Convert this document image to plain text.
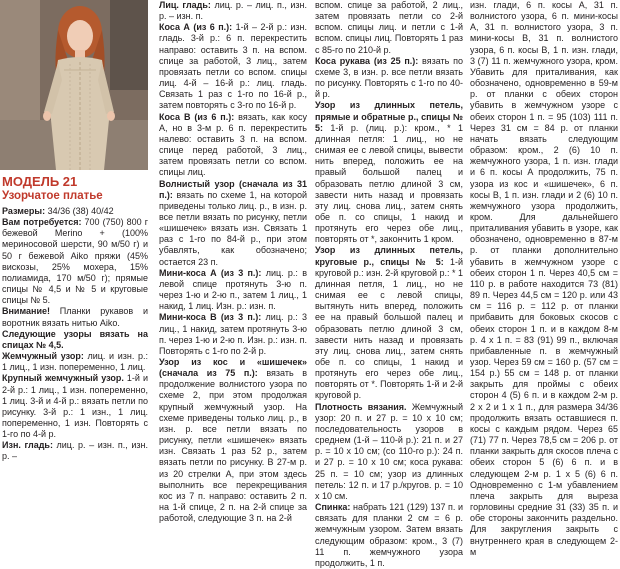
МОДЕЛЬ 21

Узорчатое платье

Размеры: 34/36 (38) 40/42

Вам потребуется: 700 (750) 800 г бежевой Merino + (100% мериносовой шерсти, 90 м/50 г) и 50 г бежевой Aiko пряжи (45% вискозы, 25% мохера, 15% полиамида, 170 м/50 г); прямые спицы № 4,5 и № 5 и круговые спицы № 5.

Внимание! Планки рукавов и воротник вязать нитью Aiko.

Следующие узоры вязать на спицах № 4,5.

Жемчужный узор: лиц. и изн. р.: 1 лиц., 1 изн. попеременно, 1 лиц.

Крупный жемчужный узор. 1-й и 2-й р.: 1 лиц., 1 изн. попеременно, 1 лиц. 3-й и 4-й р.: вязать петли по рисунку. 3-й р.: 1 изн., 1 лиц. попеременно, 1 изн. Повторять с 1-го по 4-й р.

Изн. гладь: лиц. р. – изн. п., изн. р. –

Лиц. гладь: лиц. р. – лиц. п., изн. р. – изн. п.

Коса А (из 6 п.): 1-й – 2-й р.: изн. гладь. 3-й р.: 6 п. перекрестить направо: оставить 3 п. на вспом. спице за работой, 3 лиц., затем провязать петли со вспом. спицы лиц. 4-й – 16-й р.: лиц. гладь. Связать 1 раз с 1-го по 16-й р., затем повторять с 3-го по 16-й р.

Коса В (из 6 п.): вязать, как косу А, но в 3-м р. 6 п. перекрестить налево: оставить 3 п. на вспом. спице перед работой, 3 лиц., затем провязать петли со вспом. спицы лиц.

Волнистый узор (сначала из 31 п.): вязать по схеме 1, на которой приведены только лиц. р., в изн. р. все петли вязать по рисунку, петли «шишечек» вязать изн. Связать 1 раз с 1-го по 84-й р., при этом убавлять, как обозначено; остается 23 п.

Мини-коса А (из 3 п.): лиц. р.: в левой спице протянуть 3-ю п. через 1-ю и 2-ю п., затем 1 лиц., 1 накид, 1 лиц. Изн. р.: изн. п.

Мини-коса В (из 3 п.): лиц. р.: 3 лиц., 1 накид, затем протянуть 3-ю п. через 1-ю и 2-ю п. Изн. р.: изн. п. Повторять с 1-го по 2-й р.

Узор из кос и «шишечек» (сначала из 75 п.): вязать в продолжение волнистого узора по схеме 2, при этом продолжая крупный жемчужный узор. На схеме приведены только лиц. р., в изн. р. все петли вязать по рисунку, петли «шишечек» вязать изн. Связать 1 раз 52 р., затем вязать петли по рисунку. В 27-м р. из 20 стрелки А, при этом здесь выполнить все перекрещивания кос из 7 п. направо: оставить 2 п. на 1-й спице, 2 п. на 2-й спице за работой, следующие 3 п. на 2-й

вспом. спице за работой, 2 лиц., затем провязать петли со 2-й вспом. спицы лиц. и петли с 1-й вспом. спицы лиц. Повторять 1 раз с 85-го по 210-й р.

Коса рукава (из 25 п.): вязать по схеме 3, в изн. р. все петли вязать по рисунку. Повторять с 1-го по 40-й р.

Узор из длинных петель, прямые и обратные р., спицы № 5: 1-й р. (лиц. р.): кром., * 1 длинная петля: 1 лиц., но не снимая ее с левой спицы, вывести нить вперед, положить ее на правый большой палец и образовать петлю длиной 3 см, завести нить назад и провязать эту лиц. снова лиц., затем снять обе п. со спицы, 1 накид и протянуть его через обе лиц., повторять от *, закончить 1 кром.

Узор из длинных петель, круговые р., спицы № 5: 1-й круговой р.: изн. 2-й круговой р.: * 1 длинная петля, 1 лиц., но не снимая ее с левой спицы, вытянуть нить вперед, положить ее на правый большой палец и образовать петлю длиной 3 см, завести нить назад и провязать эту лиц. снова лиц., затем снять обе п. со спицы, 1 накид и протянуть его через обе лиц., повторять от *. Повторять 1-й и 2-й круговой р.

Плотность вязания. Жемчужный узор: 20 п. и 27 р. = 10 х 10 см; последовательность узоров в среднем (1-й – 110-й р.): 21 п. и 27 р. = 10 х 10 см; (со 110-го р.): 24 п. и 27 р. = 10 х 10 см; коса рукава: 25 п. = 10 см; узор из длинных петель: 12 п. и 17 р./кругов. р. = 10 х 10 см.

Спинка: набрать 121 (129) 137 п. и связать для планки 2 см = 6 р. жемчужным узором. Затем вязать следующим образом: кром., 3 (7) 11 п. жемчужного узора продолжить, 1 п.

изн. глади, 6 п. косы А, 31 п. волнистого узора, 6 п. мини-косы А, 31 п. волнистого узора, 3 п. мини-косы В, 31 п. волнистого узора, 6 п. косы В, 1 п. изн. глади, 3 (7) 11 п. жемчужного узора, кром. Убавить для приталивания, как обозначено, одновременно в 59-м р. от планки с обеих сторон убавить в жемчужном узоре с обеих сторон 1 п. = 95 (103) 111 п. Через 31 см = 84 р. от планки начать вязать следующим образом: кром., 2 (6) 10 п. жемчужного узора, 1 п. изн. глади и 6 п. косы А продолжить, 75 п. узора из кос и «шишечек», 6 п. косы В, 1 п. изн. глади и 2 (6) 10 п. жемчужного узора продолжить, кром. Для дальнейшего приталивания убавить в узоре, как обозначено, одновременно в 87-м р. от планки дополнительно убавить в жемчужном узоре с обеих сторон 1 п. Через 40,5 см = 110 р. в работе находится 73 (81) 89 п. Через 44,5 см = 120 р. или 43 см = 116 р. = 112 р. от планки прибавить для боковых скосов с обеих сторон 1 п. и в каждом 8-м р. 4 х 1 п. = 83 (91) 99 п., включая прибавленные п. в жемчужный узор. Через 59 см = 160 р. (57 см = 154 р.) 55 см = 148 р. от планки закрыть для проймы с обеих сторон 4 (5) 6 п. и в каждом 2-м р. 2 х 2 и 1 х 1 п., для размера 34/36 продолжить вязать оставшиеся п. косы с каждым рядом. Через 65 (71) 77 п. Через 78,5 см = 206 р. от планки закрыть для скосов плеча с обеих сторон 5 (6) 6 п. и в следующем 2-м р. 1 х 5 (6) 6 п. Одновременно с 1-м убавлением плеча закрыть для выреза горловины средние 31 (33) 35 п. и обе стороны закончить раздельно. Для закругления закрыть с внутреннего края в следующем 2-м
